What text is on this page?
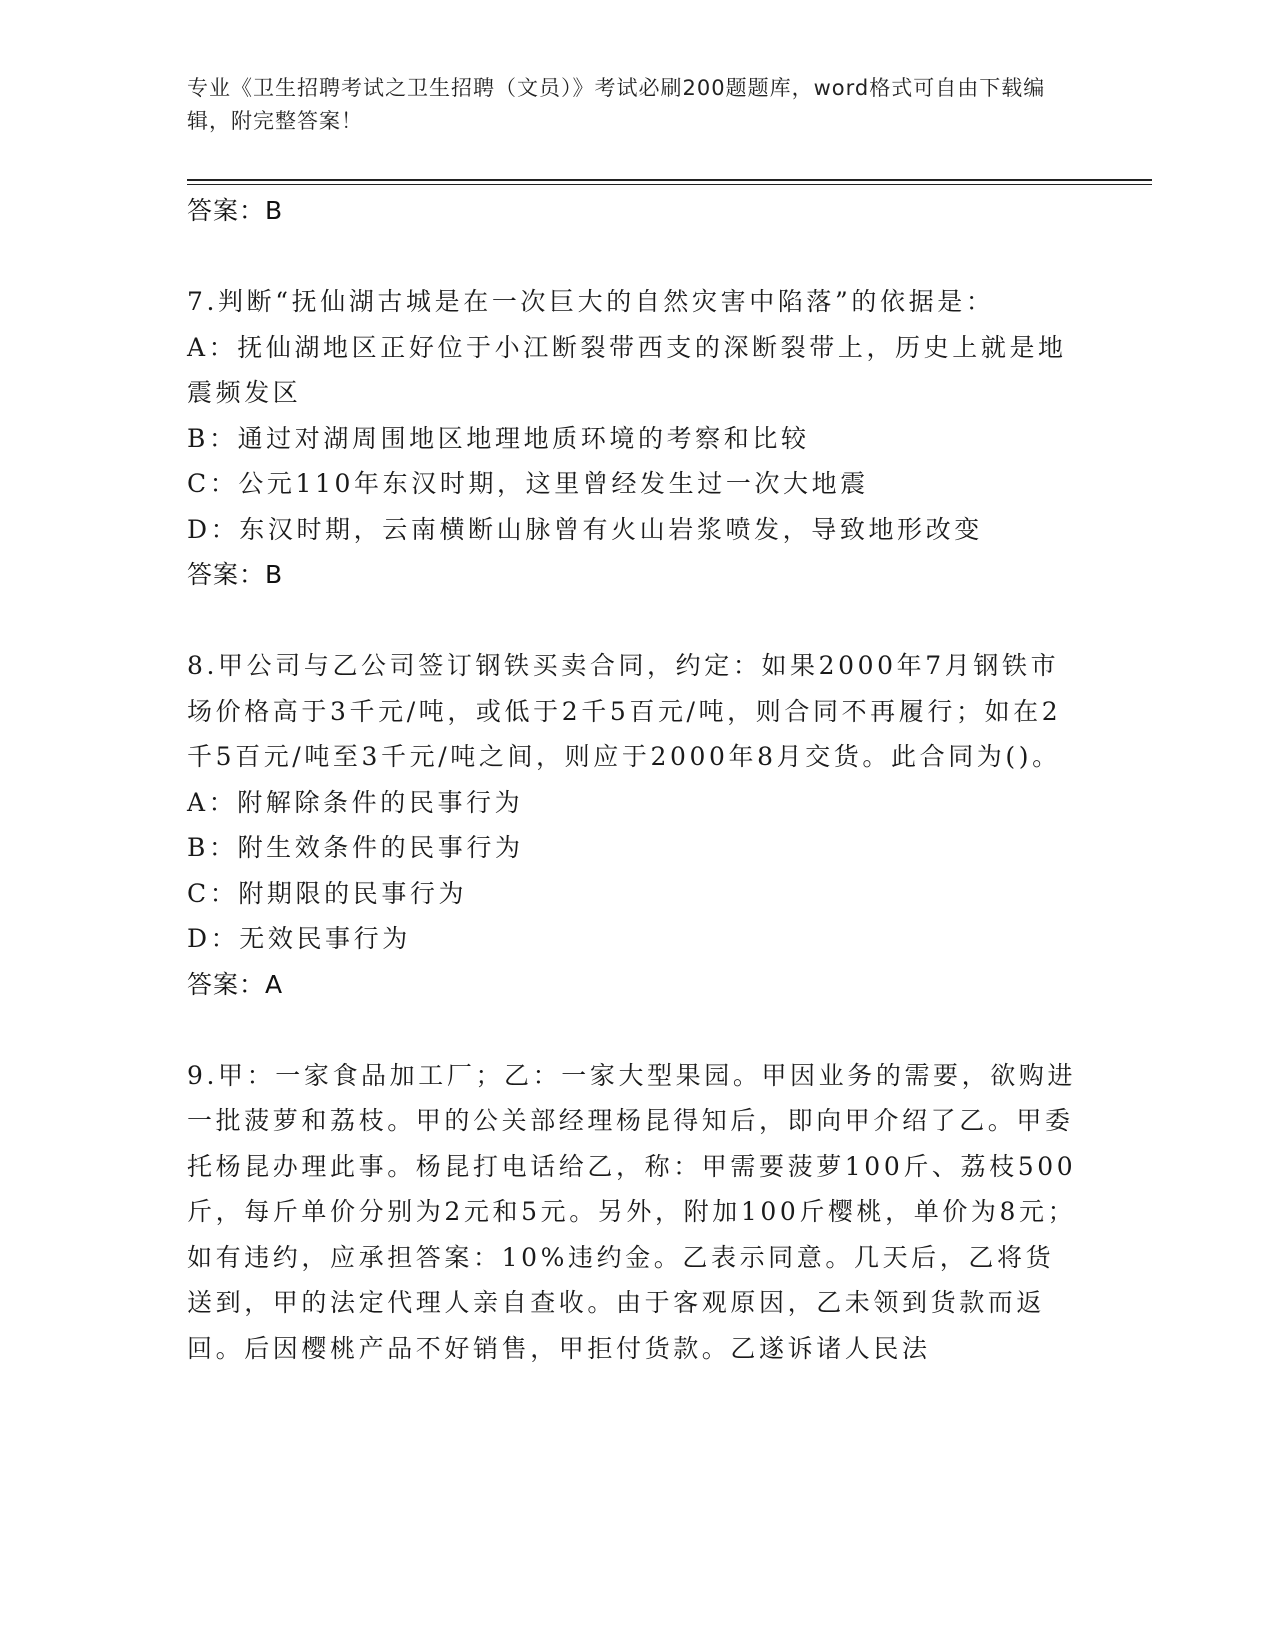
专业《卫生招聘考试之卫生招聘（文员）》考试必刷200题题库，word格式可自由下载编辑，附完整答案！
答案：B

7.判断“抚仙湖古城是在一次巨大的自然灾害中陷落”的依据是：

A：抚仙湖地区正好位于小江断裂带西支的深断裂带上，历史上就是地震频发区

B：通过对湖周围地区地理地质环境的考察和比较

C：公元110年东汉时期，这里曾经发生过一次大地震

D：东汉时期，云南横断山脉曾有火山岩浆喷发，导致地形改变

答案：B

8.甲公司与乙公司签订钢铁买卖合同，约定：如果2000年7月钢铁市场价格高于3千元/吨，或低于2千5百元/吨，则合同不再履行；如在2千5百元/吨至3千元/吨之间，则应于2000年8月交货。此合同为()。

A：附解除条件的民事行为

B：附生效条件的民事行为

C：附期限的民事行为

D：无效民事行为

答案：A

9.甲：一家食品加工厂；乙：一家大型果园。甲因业务的需要，欲购进一批菠萝和荔枝。甲的公关部经理杨昆得知后，即向甲介绍了乙。甲委托杨昆办理此事。杨昆打电话给乙，称：甲需要菠萝100斤、荔枝500斤，每斤单价分别为2元和5元。另外，附加100斤樱桃，单价为8元；如有违约，应承担答案：10%违约金。乙表示同意。几天后，乙将货送到，甲的法定代理人亲自查收。由于客观原因，乙未领到货款而返回。后因樱桃产品不好销售，甲拒付货款。乙遂诉诸人民法
